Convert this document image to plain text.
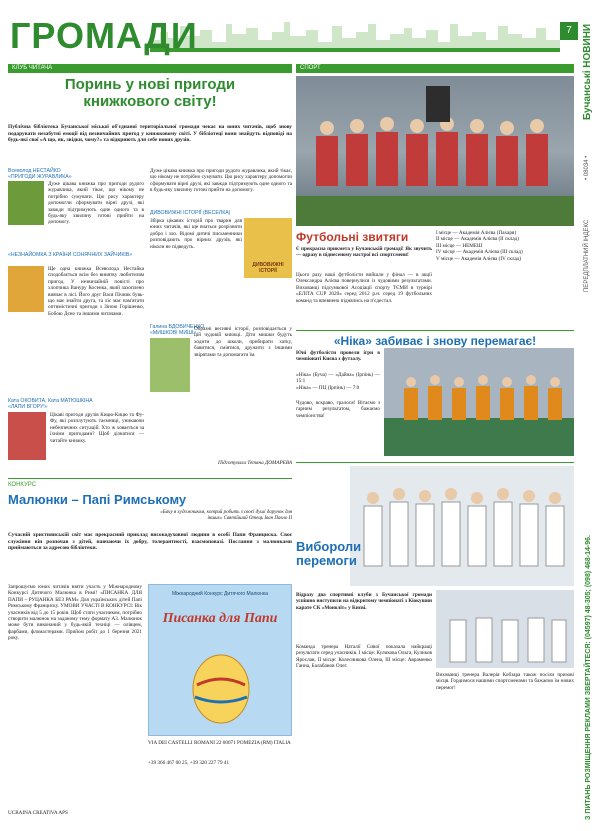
ГРОМАДИ	7	Бучанські НОВИНИ
• 08034 •
ПЕРЕДПЛАТНИЙ ІНДЕКС
З ПИТАНЬ РОЗМІЩЕННЯ РЕКЛАМИ ЗВЕРТАЙТЕСЯ: (04597) 48-305; (098) 468-14-96.
КЛУБ ЧИТАЧА
Поринь у нові пригоди книжкового світу!
Публічна бібліотека Бучанської міської об'єднаної територіальної громади чекає на юних читачів, щоб знову подарувати незабутні емоції від незвичайних пригод у книжковому світі. У бібліотеці вони знайдуть відповіді на будь-які свої «А що, як, звідки, чому?» та відкриють для себе нових друзів.
Всеволод НЕСТАЙКО
«ПРИГОДИ ЖУРАВЛИКА»
Дуже цікава книжка про пригоди рудого журавлика, який тікає, що нікому не потрібно сумувати. Цю рису характеру допомогли сформувати вірні друзі, які завжди підтримують одне одного та в будь-яку хвилину готові прийти на допомогу.
«НЕЗНАЙОМКА З КРАЇНИ СОНЯЧНИХ ЗАЙЧИКІВ»
Ще одна книжка Всеволода Нестайка сподобається всім без винятку любителям пригод. У незвичайній повісті про хлопчика Вануру Косенка, який захоплено вивчає в лісі. Його друг Вася Пічник бувь-що має знайти друга, та ліс має пам'ятати оптимістичні пригоди з Зіною Горішенко, Бобою Дєно та іншими читачами.
Ката ОКОВИТА, Ката МАТЮШКІНА
«ЛАПИ ВГОРУ!»
Цікаві пригоди друзів Кицю-Кицю та Фу-Фу, які розплутують таємниці, уникаючи небезпечних ситуацій. Хто ж ховається за їхніми пригодами? Щоб дізнатися — читайте книжку.
Дуже цікава книжка про пригоди рудого журавлика, який тікає, що нікому не потрібно сумувати. Цю рису характеру допомогли сформувати вірні друзі, які завжди підтримують одне одного та в будь-яку хвилину готові прийти на допомогу.
ДИВОВИЖНІ ІСТОРІЇ (ВЕСЕЛКА)
Збірка цікавих історій про тварин для юних читачів, які ще вчаться розрізняти добро і зло. Відомі дитячі письменники розповідають про вірних друзів, які ніколи не підведуть.
ДИВОВИЖНІ ІСТОРІЇ
Галина ВДОВИЧЕНКО
«МИШКОВІ МИШІ»
Образні весняні історії, розповідається у цій чудовій книжці. Діти мишки будуть ходити до школи, прибирати хатку, бавитися, сміятися, дружити з іншими звірятами та допомагати їм.
Підготувала Тетяна ДОМАРЕВА
КОНКУРС
Малюнки – Папі Римському
«Бачу я художником, котрий робить з своєї душі дарунок для інших» Святійший Отець Іван Павло ІІ
Сучасній християнській світ має прекрасний приклад високодуховної людини в особі Папи Франциска. Своє служіння він розпочав з дітей, навчаючи їх добру, толерантності, взаємоповазі. Послання з малюнками приймаються за адресою бібліотеки.
Запрошуємо юних читачів взяти участь у Міжнародному Конкурсі Дитячого Малюнка в Римі! «ПИСАНКА ДЛЯ ПАПИ – РУЦАНКА БЕЗ РАМ» Для українських дітей Папі Римському Франциску. УМОВИ УЧАСТІ В КОНКУРСІ: Вік учасників від 5 до 15 років. Щоб стати учасником, потрібно створити малюнок на заданому тему формату А3. Малюнок може бути виконаний у будь-якій техніці — олівцем, фарбами, фломастерами. Прийом робіт до 1 березня 2021 року.
Міжнародний Конкурс Дитячого Малюнка
Писанка для Папи
VIA DEI CASTELLI ROMANI 22 00071 POMEZIA (RM) ITALIA
+39 366 467 00 25, +39 320 227 79 41
UCRAINA CREATIVA APS
СПОРТ
Футбольні звитяги
Є прекрасна прикмета у Бучанській громаді! Як звучить — одразу в піднесеному настрої всі спортсмени!
Цього разу наші футболісти вийшли у фінал — в акції Олександра Алієва повернулися із чудовими результатами. Вихованці підсумкової Асоціації спорту ТЄМИ в турнірі «ЕЛІТА CUP 2020» серед 2012 р.н. серед 19 футбольних команд та впевнено піднялись на п'єдестал.
I місце — Академія Алієва (Пахаря)
II місце — Академія Алієва (II склад)
III місце — НЕМЕШ
IV місце — Академія Алієва (III склад)
V місце — Академія Алієва (IV склад)
«Ніка» забиває і знову перемагає!
Юні футболісти провели ігри в чемпіонаті Києва з футзалу.
«Ніка» (Буча) — «Дайна» (Ірпінь) — 15:1
«Ніка» — ПЦ (Ірпінь) — 7:0
Чудово, яскраво, гралося! Вітаємо з гарним результатом, бажаємо чемпіонства!
Вибороли перемоги
Відразу два спортивні клуби з Бучанської громади успішно виступили на відкритому чемпіонаті з Кіокушин карате СК «Моноліт» у Києві.
Команда тренера Наталії Сивої показала найкращі результати серед учасників. І місце: Куликова Ольга, Куликов Ярослав, II місце: Колесникова Олена, III місце: Авраменко Ганна, Балабанов Олег.
Вихованці тренера Валерія Кобзара також посіли призові місця. Гордимося нашими спортсменами та бажаємо їм нових перемог!
